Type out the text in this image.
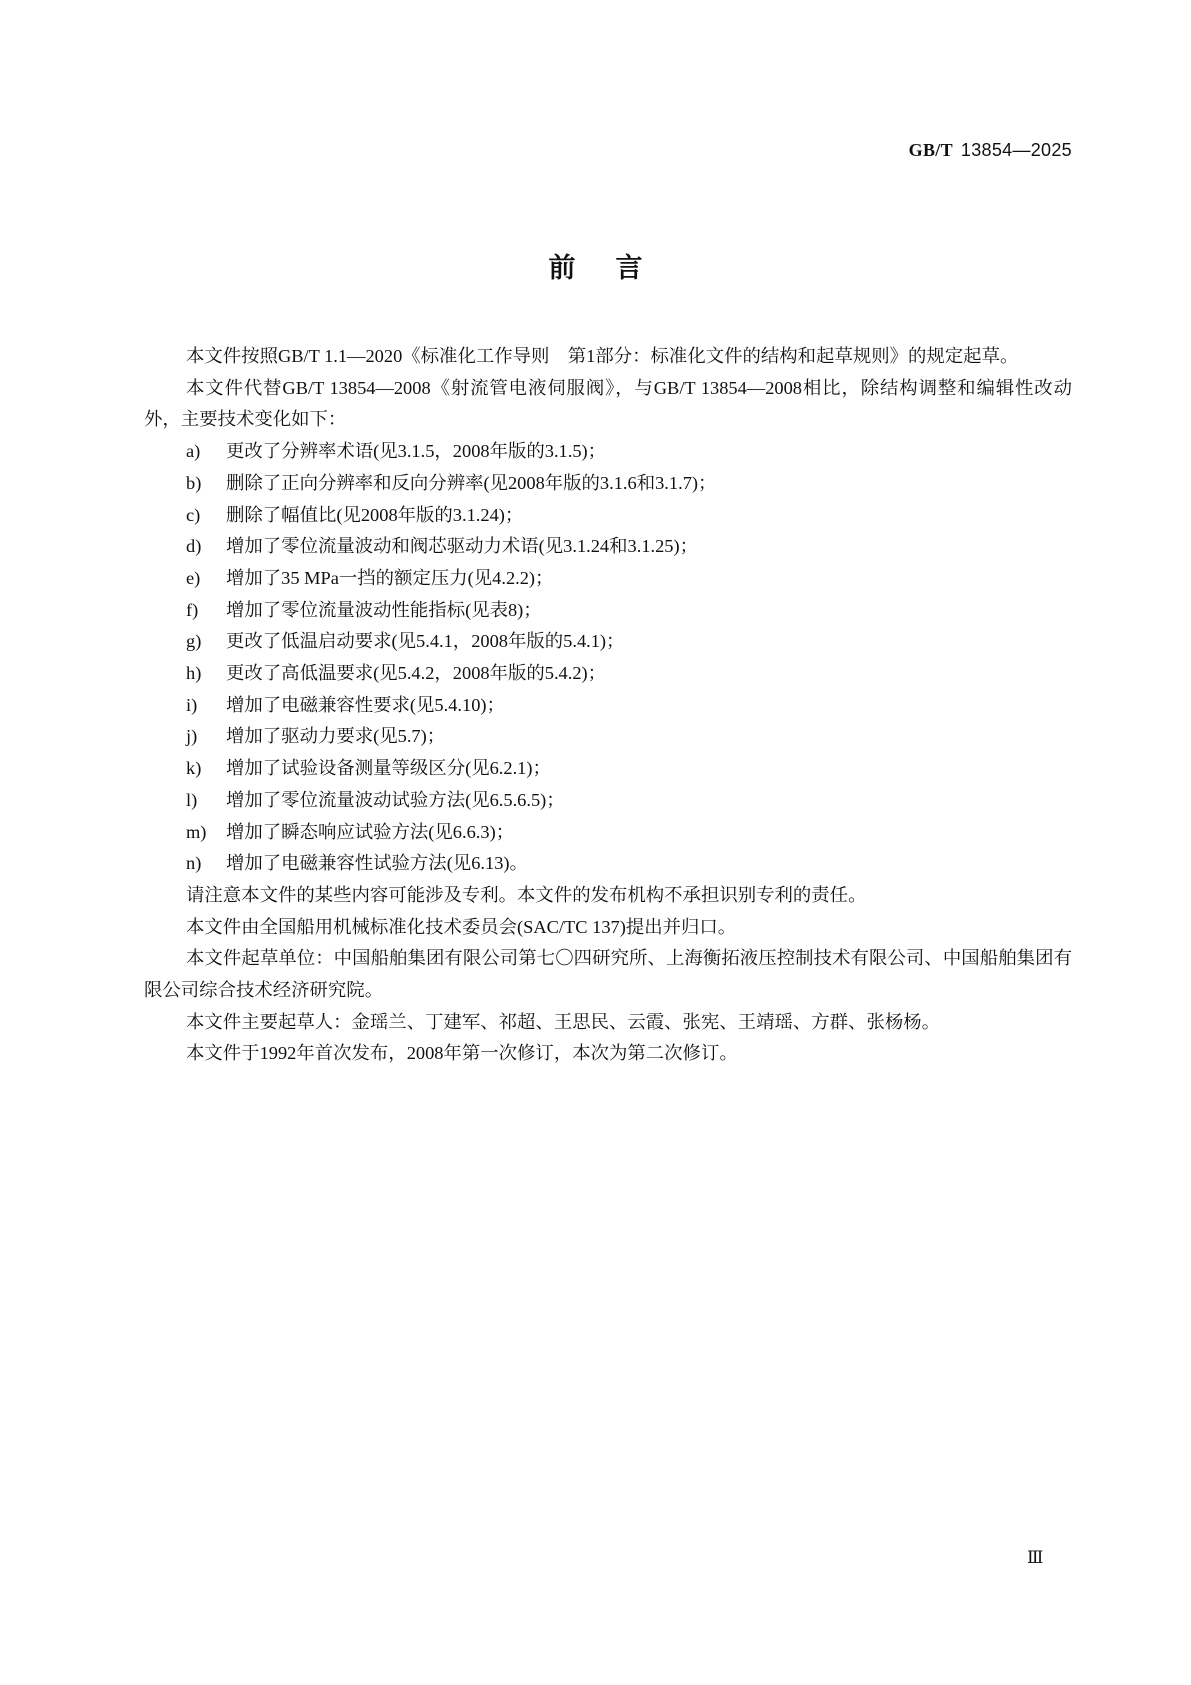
GB/T 13854—2025
前言

本文件按照GB/T 1.1—2020《标准化工作导则　第1部分：标准化文件的结构和起草规则》的规定起草。

本文件代替GB/T 13854—2008《射流管电液伺服阀》，与GB/T 13854—2008相比，除结构调整和编辑性改动外，主要技术变化如下：

a) 更改了分辨率术语(见3.1.5，2008年版的3.1.5)；

b) 删除了正向分辨率和反向分辨率(见2008年版的3.1.6和3.1.7)；

c) 删除了幅值比(见2008年版的3.1.24)；

d) 增加了零位流量波动和阀芯驱动力术语(见3.1.24和3.1.25)；

e) 增加了35 MPa一挡的额定压力(见4.2.2)；

f) 增加了零位流量波动性能指标(见表8)；

g) 更改了低温启动要求(见5.4.1，2008年版的5.4.1)；

h) 更改了高低温要求(见5.4.2，2008年版的5.4.2)；

i) 增加了电磁兼容性要求(见5.4.10)；

j) 增加了驱动力要求(见5.7)；

k) 增加了试验设备测量等级区分(见6.2.1)；

l) 增加了零位流量波动试验方法(见6.5.6.5)；

m) 增加了瞬态响应试验方法(见6.6.3)；

n) 增加了电磁兼容性试验方法(见6.13)。

请注意本文件的某些内容可能涉及专利。本文件的发布机构不承担识别专利的责任。

本文件由全国船用机械标准化技术委员会(SAC/TC 137)提出并归口。

本文件起草单位：中国船舶集团有限公司第七〇四研究所、上海衡拓液压控制技术有限公司、中国船舶集团有限公司综合技术经济研究院。

本文件主要起草人：金瑶兰、丁建军、祁超、王思民、云霞、张宪、王靖瑶、方群、张杨杨。

本文件于1992年首次发布，2008年第一次修订，本次为第二次修订。

Ⅲ
